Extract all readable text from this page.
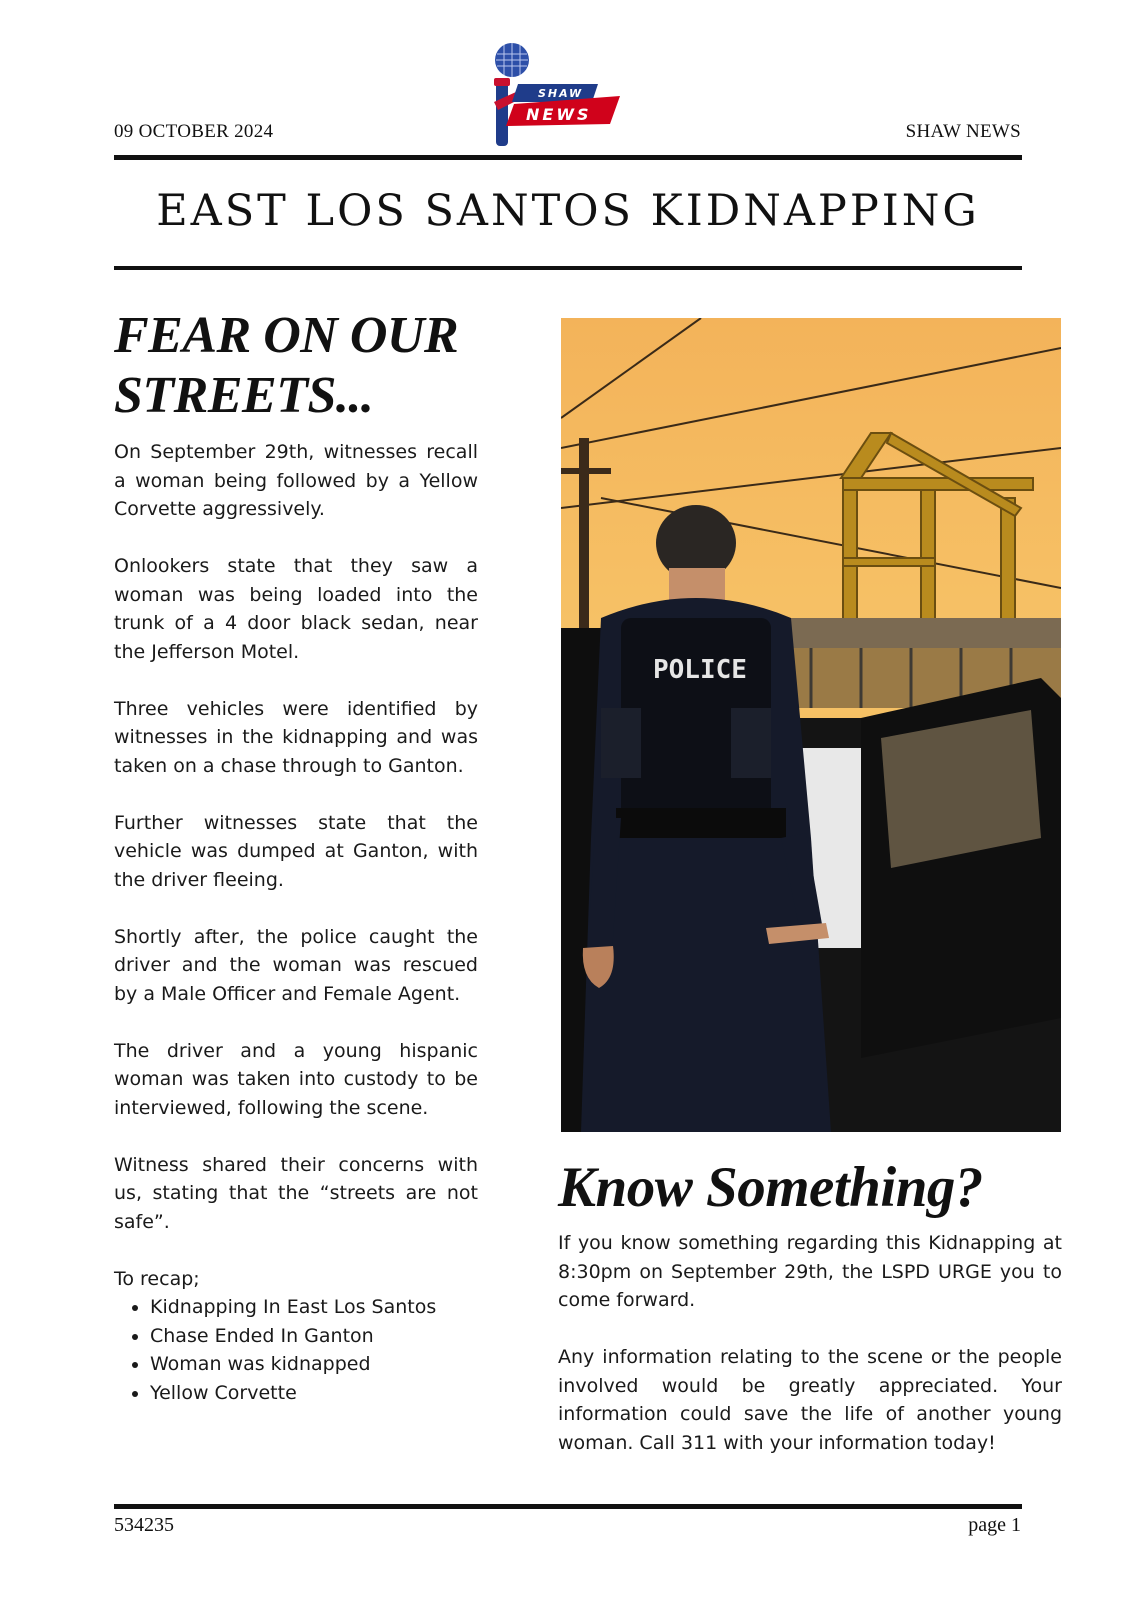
09 OCTOBER 2024
SHAW
NEWS
SHAW NEWS
EAST LOS SANTOS KIDNAPPING
FEAR ON OUR
STREETS...

On September 29th, witnesses recall a woman being followed by a Yellow Corvette aggressively.

Onlookers state that they saw a woman was being loaded into the trunk of a 4 door black sedan, near the Jefferson Motel.

Three vehicles were identified by witnesses in the kidnapping and was taken on a chase through to Ganton.

Further witnesses state that the vehicle was dumped at Ganton, with the driver fleeing.

Shortly after, the police caught the driver and the woman was rescued by a Male Officer and Female Agent.

The driver and a young hispanic woman was taken into custody to be interviewed, following the scene.

Witness shared their concerns with us, stating that the “streets are not safe”.

To recap;

• Kidnapping In East Los Santos
• Chase Ended In Ganton
• Woman was kidnapped
• Yellow Corvette
POLICE
Know Something?

If you know something regarding this Kidnapping at 8:30pm on September 29th, the LSPD URGE you to come forward.

Any information relating to the scene or the people involved would be greatly appreciated. Your information could save the life of another young woman. Call 311 with your information today!

534235	page 1
